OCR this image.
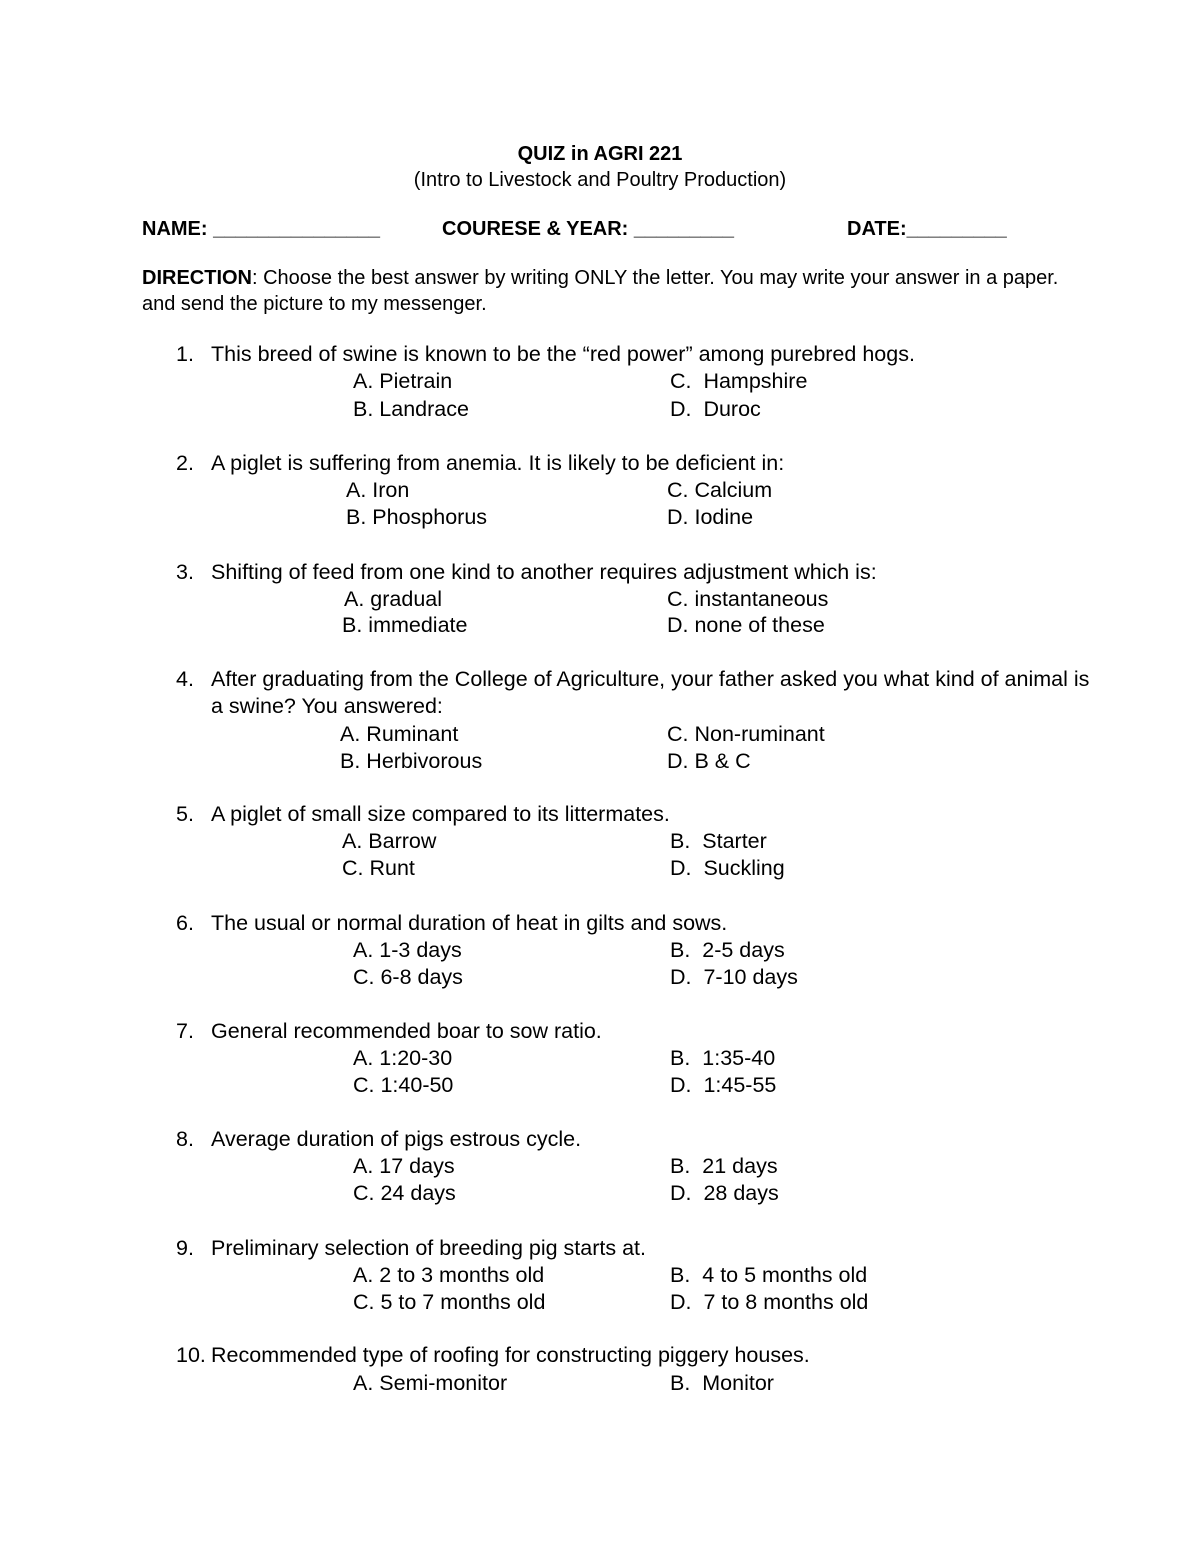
QUIZ in AGRI 221
(Intro to Livestock and Poultry Production)
NAME: _______________	COURESE & YEAR: _________	DATE:_________
DIRECTION: Choose the best answer by writing ONLY the letter. You may write your answer in a paper. and send the picture to my messenger.
1. This breed of swine is known to be the “red power” among purebred hogs.
A. Pietrain	C.  Hampshire
B. Landrace	D.  Duroc
2. A piglet is suffering from anemia. It is likely to be deficient in:
A. Iron	C. Calcium
B. Phosphorus	D. Iodine
3. Shifting of feed from one kind to another requires adjustment which is:
A. gradual	C. instantaneous
B. immediate	D. none of these
4. After graduating from the College of Agriculture, your father asked you what kind of animal is a swine? You answered:
A. Ruminant	C. Non-ruminant
B. Herbivorous	D. B & C
5. A piglet of small size compared to its littermates.
A. Barrow	B.  Starter
C. Runt	D.  Suckling
6. The usual or normal duration of heat in gilts and sows.
A. 1-3 days	B.  2-5 days
C. 6-8 days	D.  7-10 days
7. General recommended boar to sow ratio.
A. 1:20-30	B.  1:35-40
C. 1:40-50	D.  1:45-55
8. Average duration of pigs estrous cycle.
A. 17 days	B.  21 days
C. 24 days	D.  28 days
9. Preliminary selection of breeding pig starts at.
A. 2 to 3 months old	B.  4 to 5 months old
C. 5 to 7 months old	D.  7 to 8 months old
10. Recommended type of roofing for constructing piggery houses.
A. Semi-monitor	B.  Monitor
